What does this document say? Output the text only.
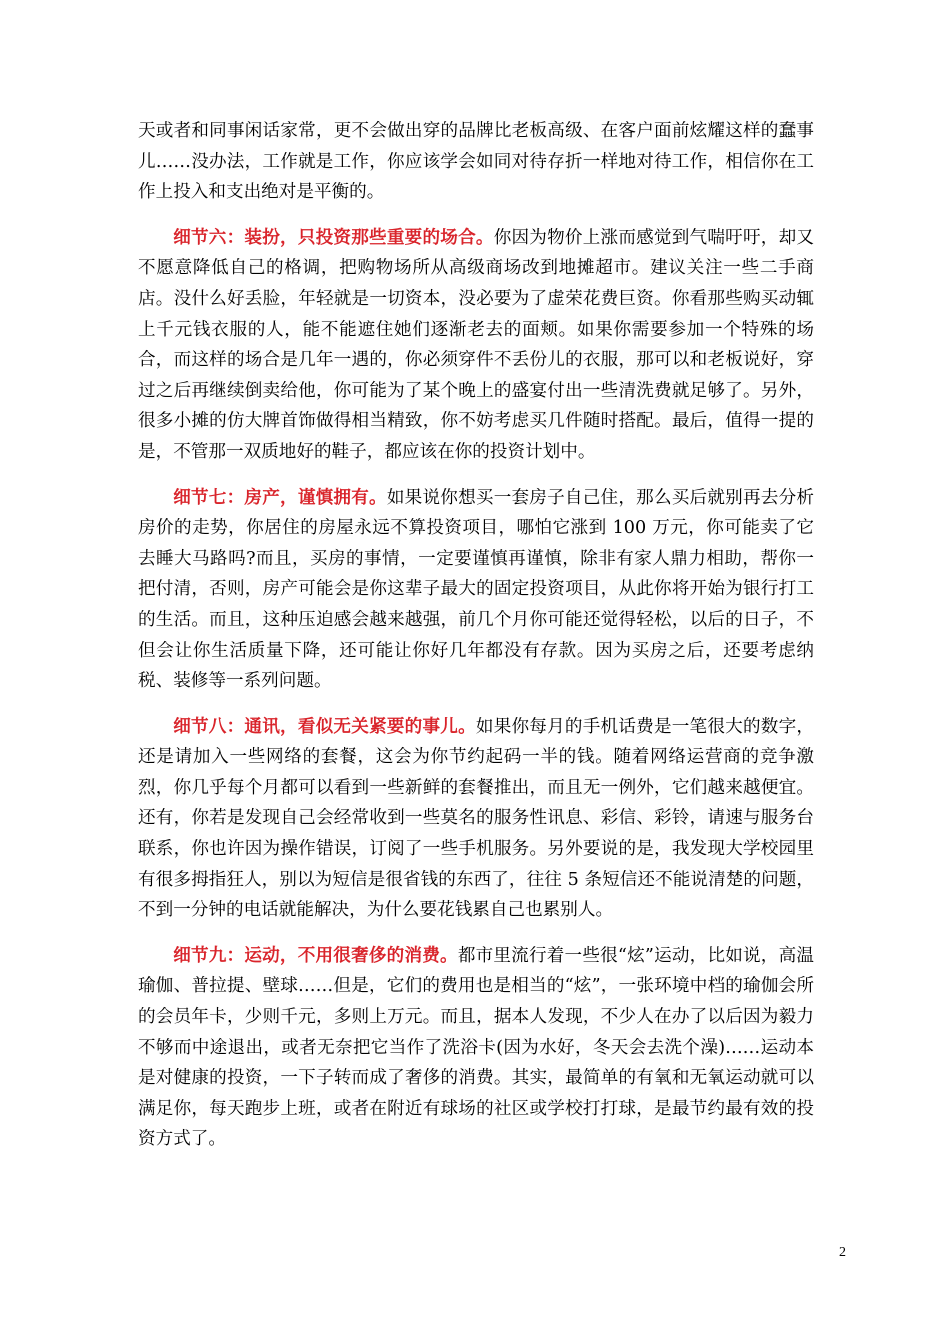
天或者和同事闲话家常，更不会做出穿的品牌比老板高级、在客户面前炫耀这样的蠢事儿……没办法，工作就是工作，你应该学会如同对待存折一样地对待工作，相信你在工作上投入和支出绝对是平衡的。

细节六：装扮，只投资那些重要的场合。你因为物价上涨而感觉到气喘吁吁，却又不愿意降低自己的格调，把购物场所从高级商场改到地摊超市。建议关注一些二手商店。没什么好丢脸，年轻就是一切资本，没必要为了虚荣花费巨资。你看那些购买动辄上千元钱衣服的人，能不能遮住她们逐渐老去的面颊。如果你需要参加一个特殊的场合，而这样的场合是几年一遇的，你必须穿件不丢份儿的衣服，那可以和老板说好，穿过之后再继续倒卖给他，你可能为了某个晚上的盛宴付出一些清洗费就足够了。另外，很多小摊的仿大牌首饰做得相当精致，你不妨考虑买几件随时搭配。最后，值得一提的是，不管那一双质地好的鞋子，都应该在你的投资计划中。

细节七：房产，谨慎拥有。如果说你想买一套房子自己住，那么买后就别再去分析房价的走势，你居住的房屋永远不算投资项目，哪怕它涨到 100 万元，你可能卖了它去睡大马路吗?而且，买房的事情，一定要谨慎再谨慎，除非有家人鼎力相助，帮你一把付清，否则，房产可能会是你这辈子最大的固定投资项目，从此你将开始为银行打工的生活。而且，这种压迫感会越来越强，前几个月你可能还觉得轻松，以后的日子，不但会让你生活质量下降，还可能让你好几年都没有存款。因为买房之后，还要考虑纳税、装修等一系列问题。

细节八：通讯，看似无关紧要的事儿。如果你每月的手机话费是一笔很大的数字，还是请加入一些网络的套餐，这会为你节约起码一半的钱。随着网络运营商的竞争激烈，你几乎每个月都可以看到一些新鲜的套餐推出，而且无一例外，它们越来越便宜。还有，你若是发现自己会经常收到一些莫名的服务性讯息、彩信、彩铃，请速与服务台联系，你也许因为操作错误，订阅了一些手机服务。另外要说的是，我发现大学校园里有很多拇指狂人，别以为短信是很省钱的东西了，往往 5 条短信还不能说清楚的问题，不到一分钟的电话就能解决，为什么要花钱累自己也累别人。

细节九：运动，不用很奢侈的消费。都市里流行着一些很“炫”运动，比如说，高温瑜伽、普拉提、壁球……但是，它们的费用也是相当的“炫”，一张环境中档的瑜伽会所的会员年卡，少则千元，多则上万元。而且，据本人发现，不少人在办了以后因为毅力不够而中途退出，或者无奈把它当作了洗浴卡(因为水好，冬天会去洗个澡)……运动本是对健康的投资，一下子转而成了奢侈的消费。其实，最简单的有氧和无氧运动就可以满足你，每天跑步上班，或者在附近有球场的社区或学校打打球，是最节约最有效的投资方式了。

2
